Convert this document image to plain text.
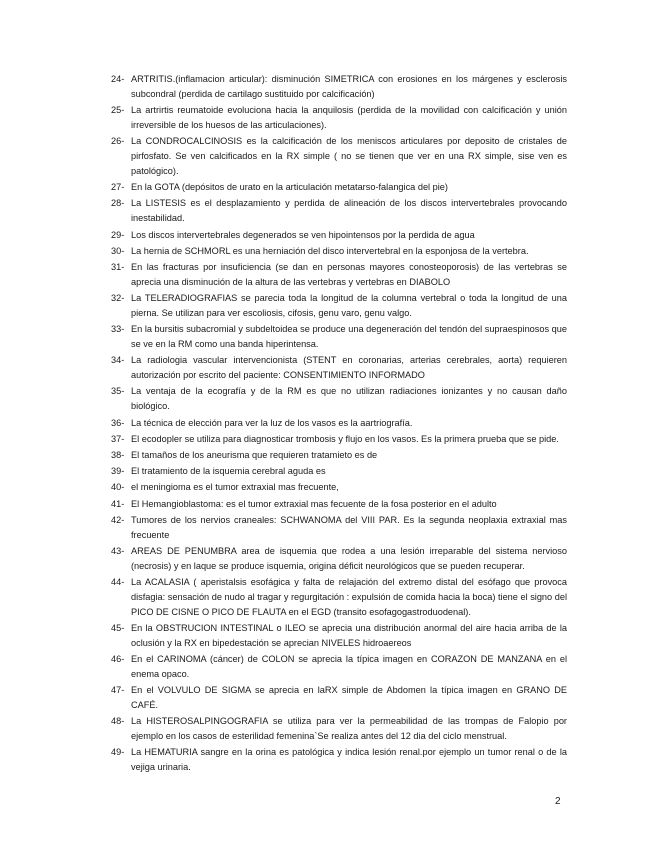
24- ARTRITIS.(inflamacion articular): disminución SIMETRICA con erosiones en los márgenes y esclerosis subcondral (perdida de cartilago sustituido por calcificación)
25- La artrirtis reumatoide evoluciona hacia la anquilosis (perdida de la movilidad con calcificación y unión irreversible de los huesos de las articulaciones).
26- La CONDROCALCINOSIS es la calcificación de los meniscos articulares por deposito de cristales de pirfosfato. Se ven calcificados en la RX simple ( no se tienen que ver en una RX simple, sise ven es patológico).
27- En la GOTA (depósitos de urato en la articulación metatarso-falangica del pie)
28- La LISTESIS es el desplazamiento y perdida de alineación de los discos intervertebrales provocando inestabilidad.
29- Los discos intervertebrales degenerados se ven hipointensos por la perdida de agua
30- La hernia de SCHMORL es una herniación del disco intervertebral en la esponjosa de la vertebra.
31- En las fracturas por insuficiencia (se dan en personas mayores conosteoporosis) de las vertebras se aprecia una disminución de la altura de las vertebras y vertebras en DIABOLO
32- La TELERADIOGRAFIAS se parecia toda la longitud de la columna vertebral o toda la longitud de una pierna. Se utilizan para ver escoliosis, cifosis, genu varo, genu valgo.
33- En la bursitis subacromial y subdeltoidea se produce una degeneración del tendón del supraespinosos que se ve en la RM como una banda hiperintensa.
34- La radiologia vascular intervencionista (STENT en coronarias, arterias cerebrales, aorta) requieren autorización por escrito del paciente: CONSENTIMIENTO INFORMADO
35- La ventaja de la ecografía y de la RM es que no utilizan radiaciones ionizantes y no causan daño biológico.
36- La técnica de elección para ver la luz de los vasos es la aartriografía.
37- El ecodopler se utiliza para diagnosticar trombosis y flujo en los vasos. Es la primera prueba que se pide.
38- El tamaños de los aneurisma que requieren tratamieto es de
39- El tratamiento de la isquemia cerebral aguda es
40- el meningioma es el tumor extraxial mas frecuente,
41- El Hemangioblastoma: es el tumor extraxial mas fecuente de la fosa posterior en el adulto
42- Tumores de los nervios craneales: SCHWANOMA del VIII PAR. Es la segunda neoplaxia extraxial mas frecuente
43- AREAS DE PENUMBRA area de isquemia que rodea a una lesión irreparable del sistema nervioso (necrosis) y en laque se produce isquemia, origina déficit neurológicos que se pueden recuperar.
44- La ACALASIA ( aperistalsis esofágica y falta de relajación del extremo distal del esófago que provoca disfagia: sensación de nudo al tragar y regurgitación : expulsión de comida hacia la boca) tiene el signo del PICO DE CISNE O PICO DE FLAUTA en el EGD (transito esofagogastroduodenal).
45- En la OBSTRUCION INTESTINAL o ILEO se aprecia una distribución anormal del aire hacia arriba de la oclusión y la RX en bipedestación se aprecian NIVELES hidroaereos
46- En el CARINOMA (cáncer) de COLON se aprecia la típica imagen en CORAZON DE MANZANA en el enema opaco.
47- En el VOLVULO DE SIGMA se aprecia en laRX simple de Abdomen la típica imagen en GRANO DE CAFÉ.
48- La HISTEROSALPINGOGRAFIA se utiliza para ver la permeabilidad de las trompas de Falopio por ejemplo en los casos de esterilidad femenina`Se realiza antes del 12 dia del ciclo menstrual.
49- La HEMATURIA sangre en la orina es patológica y indica lesión renal.por ejemplo un tumor renal o de la vejiga urinaria.
2
